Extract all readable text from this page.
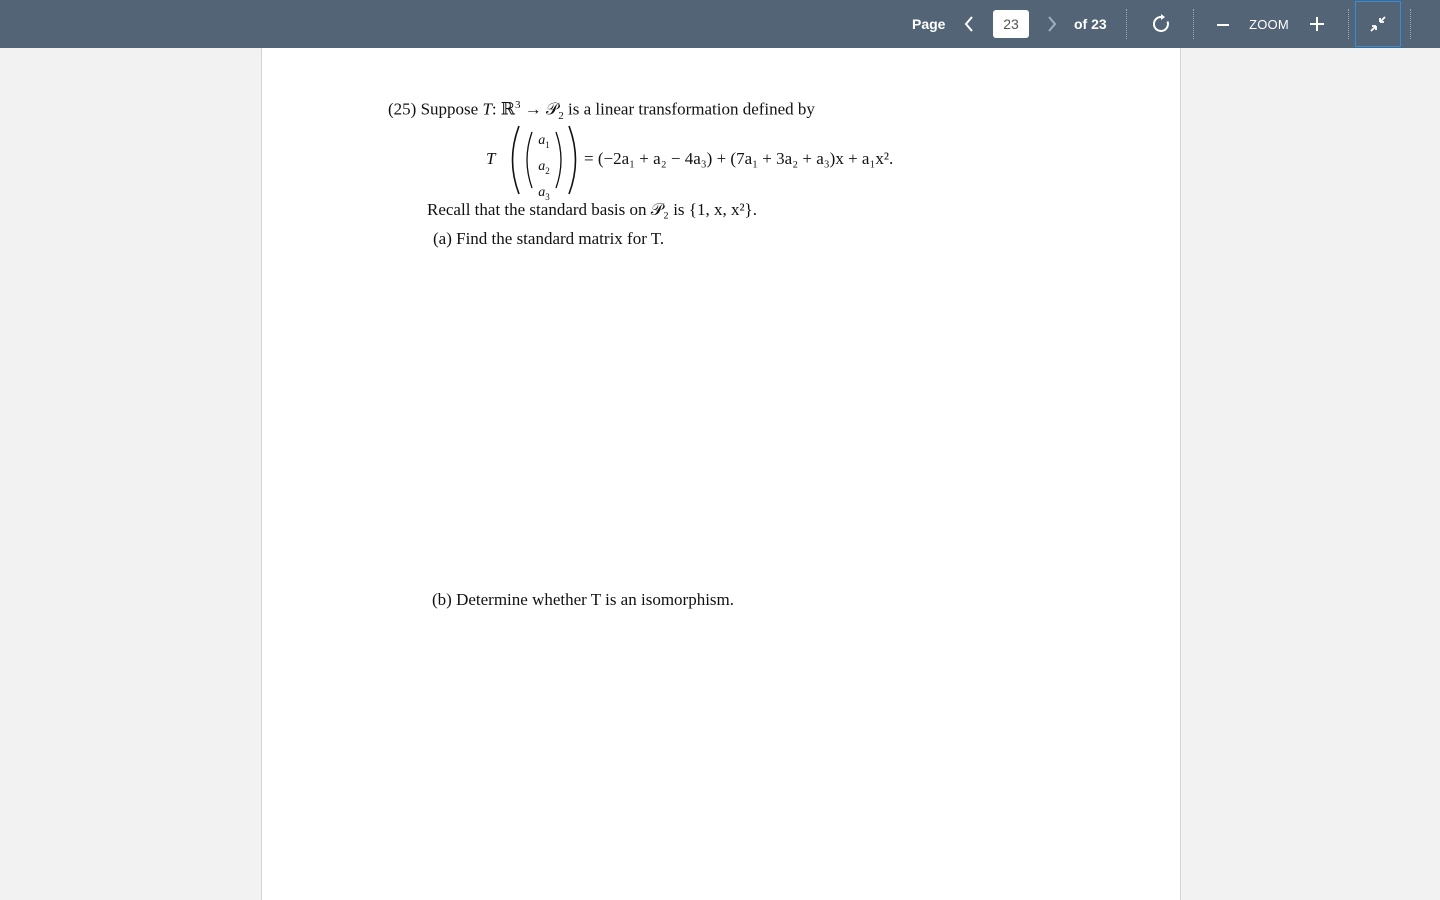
Page
23	of 23	ZOOM
(25) Suppose T: ℝ$^3$ → 𝒫$_2$ is a linear transformation defined by
T
$a_1$
$a_2$
$a_3$
= (−2a₁ + a₂ − 4a₃) + (7a₁ + 3a₂ + a₃)x + a₁x².
Recall that the standard basis on 𝒫₂ is {1, x, x²}.
(a) Find the standard matrix for T.
(b) Determine whether T is an isomorphism.
